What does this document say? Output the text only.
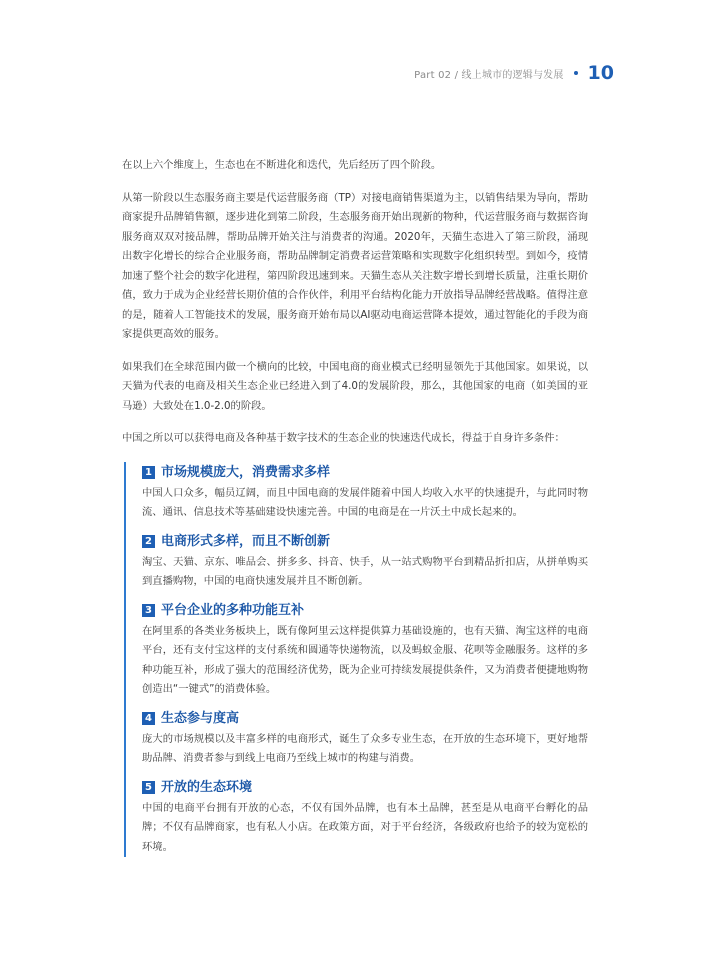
Part 02 / 线上城市的逻辑与发展 10

在以上六个维度上，生态也在不断进化和迭代，先后经历了四个阶段。

从第一阶段以生态服务商主要是代运营服务商（TP）对接电商销售渠道为主，以销售结果为导向，帮助商家提升品牌销售额，逐步进化到第二阶段，生态服务商开始出现新的物种，代运营服务商与数据咨询服务商双双对接品牌，帮助品牌开始关注与消费者的沟通。2020年，天猫生态进入了第三阶段，涌现出数字化增长的综合企业服务商，帮助品牌制定消费者运营策略和实现数字化组织转型。到如今，疫情加速了整个社会的数字化进程，第四阶段迅速到来。天猫生态从关注数字增长到增长质量，注重长期价值，致力于成为企业经营长期价值的合作伙伴，利用平台结构化能力开放指导品牌经营战略。值得注意的是，随着人工智能技术的发展，服务商开始布局以AI驱动电商运营降本提效，通过智能化的手段为商家提供更高效的服务。

如果我们在全球范围内做一个横向的比较，中国电商的商业模式已经明显领先于其他国家。如果说，以天猫为代表的电商及相关生态企业已经进入到了4.0的发展阶段，那么，其他国家的电商（如美国的亚马逊）大致处在1.0-2.0的阶段。

中国之所以可以获得电商及各种基于数字技术的生态企业的快速迭代成长，得益于自身许多条件：

1 市场规模庞大，消费需求多样

中国人口众多，幅员辽阔，而且中国电商的发展伴随着中国人均收入水平的快速提升，与此同时物流、通讯、信息技术等基础建设快速完善。中国的电商是在一片沃土中成长起来的。

2 电商形式多样，而且不断创新

淘宝、天猫、京东、唯品会、拼多多、抖音、快手，从一站式购物平台到精品折扣店，从拼单购买到直播购物，中国的电商快速发展并且不断创新。

3 平台企业的多种功能互补

在阿里系的各类业务板块上，既有像阿里云这样提供算力基础设施的，也有天猫、淘宝这样的电商平台，还有支付宝这样的支付系统和圆通等快递物流，以及蚂蚁金服、花呗等金融服务。这样的多种功能互补，形成了强大的范围经济优势，既为企业可持续发展提供条件，又为消费者便捷地购物创造出“一键式”的消费体验。

4 生态参与度高

庞大的市场规模以及丰富多样的电商形式，诞生了众多专业生态，在开放的生态环境下，更好地帮助品牌、消费者参与到线上电商乃至线上城市的构建与消费。

5 开放的生态环境

中国的电商平台拥有开放的心态，不仅有国外品牌，也有本土品牌，甚至是从电商平台孵化的品牌；不仅有品牌商家，也有私人小店。在政策方面，对于平台经济，各级政府也给予的较为宽松的环境。
